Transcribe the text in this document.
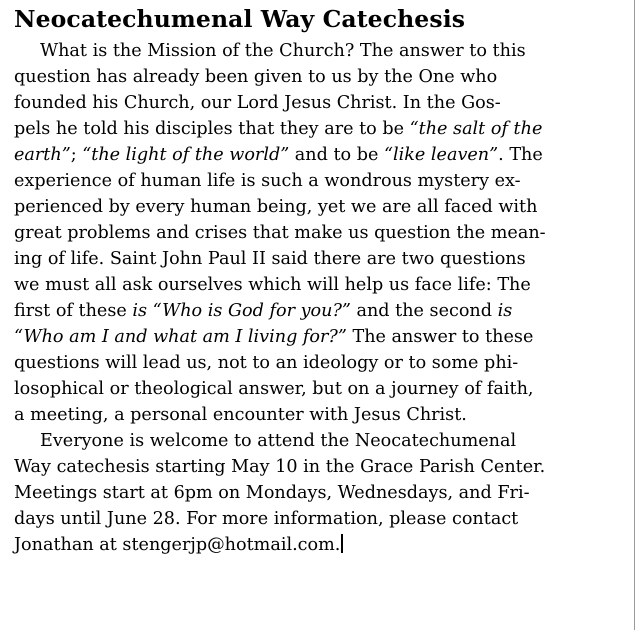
Neocatechumenal Way Catechesis

What is the Mission of the Church? The answer to this

question has already been given to us by the One who

founded his Church, our Lord Jesus Christ. In the Gos-

pels he told his disciples that they are to be “the salt of the

earth”; “the light of the world” and to be “like leaven”. The

experience of human life is such a wondrous mystery ex-

perienced by every human being, yet we are all faced with

great problems and crises that make us question the mean-

ing of life. Saint John Paul II said there are two questions

we must all ask ourselves which will help us face life: The

first of these is “Who is God for you?” and the second is

“Who am I and what am I living for?” The answer to these

questions will lead us, not to an ideology or to some phi-

losophical or theological answer, but on a journey of faith,

a meeting, a personal encounter with Jesus Christ.

Everyone is welcome to attend the Neocatechumenal

Way catechesis starting May 10 in the Grace Parish Center.

Meetings start at 6pm on Mondays, Wednesdays, and Fri-

days until June 28. For more information, please contact

Jonathan at stengerjp@hotmail.com.
